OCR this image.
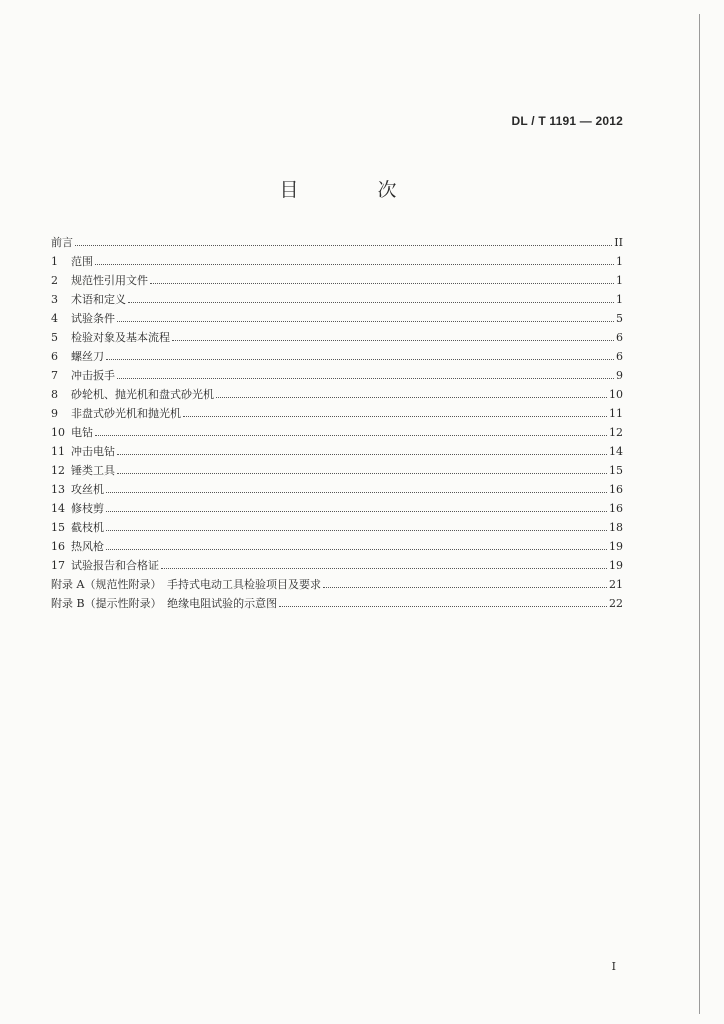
DL / T 1191 — 2012
目　次
前言	II
1	范围	1
2	规范性引用文件	1
3	术语和定义	1
4	试验条件	5
5	检验对象及基本流程	6
6	螺丝刀	6
7	冲击扳手	9
8	砂轮机、抛光机和盘式砂光机	10
9	非盘式砂光机和抛光机	11
10 电钻	12
11 冲击电钻	14
12 锤类工具	15
13 攻丝机	16
14 修枝剪	16
15 截枝机	18
16 热风枪	19
17 试验报告和合格证	19
附录 A（规范性附录）　手持式电动工具检验项目及要求	21
附录 B（提示性附录）　绝缘电阻试验的示意图	22
I
